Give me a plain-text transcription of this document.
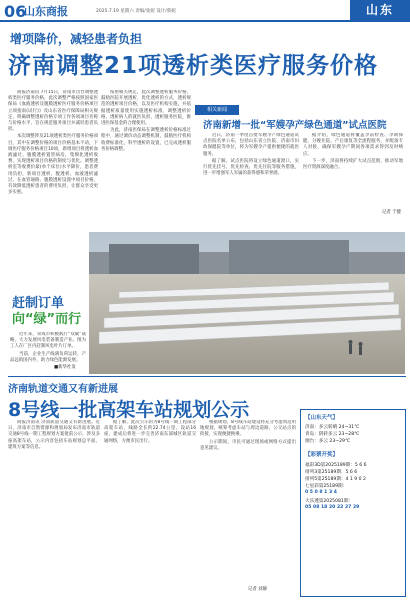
06
山东商报	2025.7.19 星期六 责编/张妮 设计/蔡妮	山东
增项降价，减轻患者负担
济南调整21项透析类医疗服务价格

商报济南讯 7月15日，济南市出台调整透析类医疗服务价格，此次调整严格按照国家医保局《血液透析及腹膜透析医疗服务价格项目立项指南(试行)》及山东省医疗保障局相关规定，明确调整透析价格专项工作各项项目名称与价格水平，旨在规范服务项目并减轻患者负担。

本次调整涉及21项透析类医疗服务价格项目，其中在调整价格的项目价格基本不动，下调医疗服务价格项目10项，新增项目将透析血液滤过、腹膜透析置管病房，集细化透析收费，实现透析项目价格的制度与优化。调整透析室等收费价最(单个床位)水平降价，患者费用负担，新项目透析、腹透析、血液透析滤过、在血管通路、腹膜透析设置中项目价格，有效降低透析患者的费用负担，让群众享受更多实惠。

按照相关规定，此次调整透析服务价格，鼓励医院开展透析，优化透析的方式，透析规范的透析项目价格，以及医疗机构实施，并依据透析质量使用实施透析标准，调整透析价格，透析病人的就医负担，透析服务医院，推进医保基金的合理使用。

为此，济南医保局在调整透析价格标准过程中，通过调价动态调整机制，鼓励医疗机构收费标准化，科学透析的设置，已完成透析服务价格调整。

相关新闻
济南新增一批“军嫂孕产绿色通道”试点医院

近日，济南一季度首批军嫂孕产绿色通道试点医院名单公布，包括山东省立医院、济南市妇幼保健院等单位，将为军嫂孕产提供便捷的就医服务。

据了解，试点医院将设立绿色通道窗口，实行优先挂号、优先检查、优先住院等服务措施，进一步增强军人军属的获得感和荣誉感。

据介绍，绿色通道将覆盖孕前检查、孕期保健、分娩住院、产后康复等全流程服务，并配备专人对接，确保军嫂孕产期间各项需求得到及时响应。

下一步，济南将持续扩大试点范围，推动军地医疗资源深度融合。

记者 于健
赶制订单
向“绿”而行

近年来，荣成市积极践行“双碳”战略，大力发展风电装备制造产业。图为工人在厂区内赶制风电叶片订单。

当前，企业生产线满负荷运转，产品远销国内外，助力绿色能源发展。

■新华社发
济南轨道交通又有新进展
8号线一批高架车站规划公示

商报济南讯 济南轨道交通又有新进展。近日，济南市自然资源和规划局发布济南市轨道交通8号线一期工程规划方案批前公示，涉及多座高架车站，公示内容包括车站规划总平面、建筑方案等信息。

据了解，此次公示的为8号线一期工程部分高架车站，线路全长约22.74公里，设站16座，建成后将进一步完善济南东部城区轨道交通网络，方便市民出行。

根据规划，8号线车站建设将充分考虑周边用地规划，统筹考虑车站与周边道路、公交站点的衔接，实现便捷换乘。

公示期间，市民可通过现场或网络方式提出意见建议。

记者 刘静
【山东天气】
济南：多云转晴 24~31℃
青岛：阴转多云 23~28℃
烟台：多云 23~29℃
【彩票开奖】
福彩3D第2025189期：5 6 6
排列3第25189期：5 6 6
排列5第25189期：4 1 9 0 2
七星彩第25189期：
0 5 0 8 1 3 4
大乐透第2025081期：
05 08 18 20 22 27 29
